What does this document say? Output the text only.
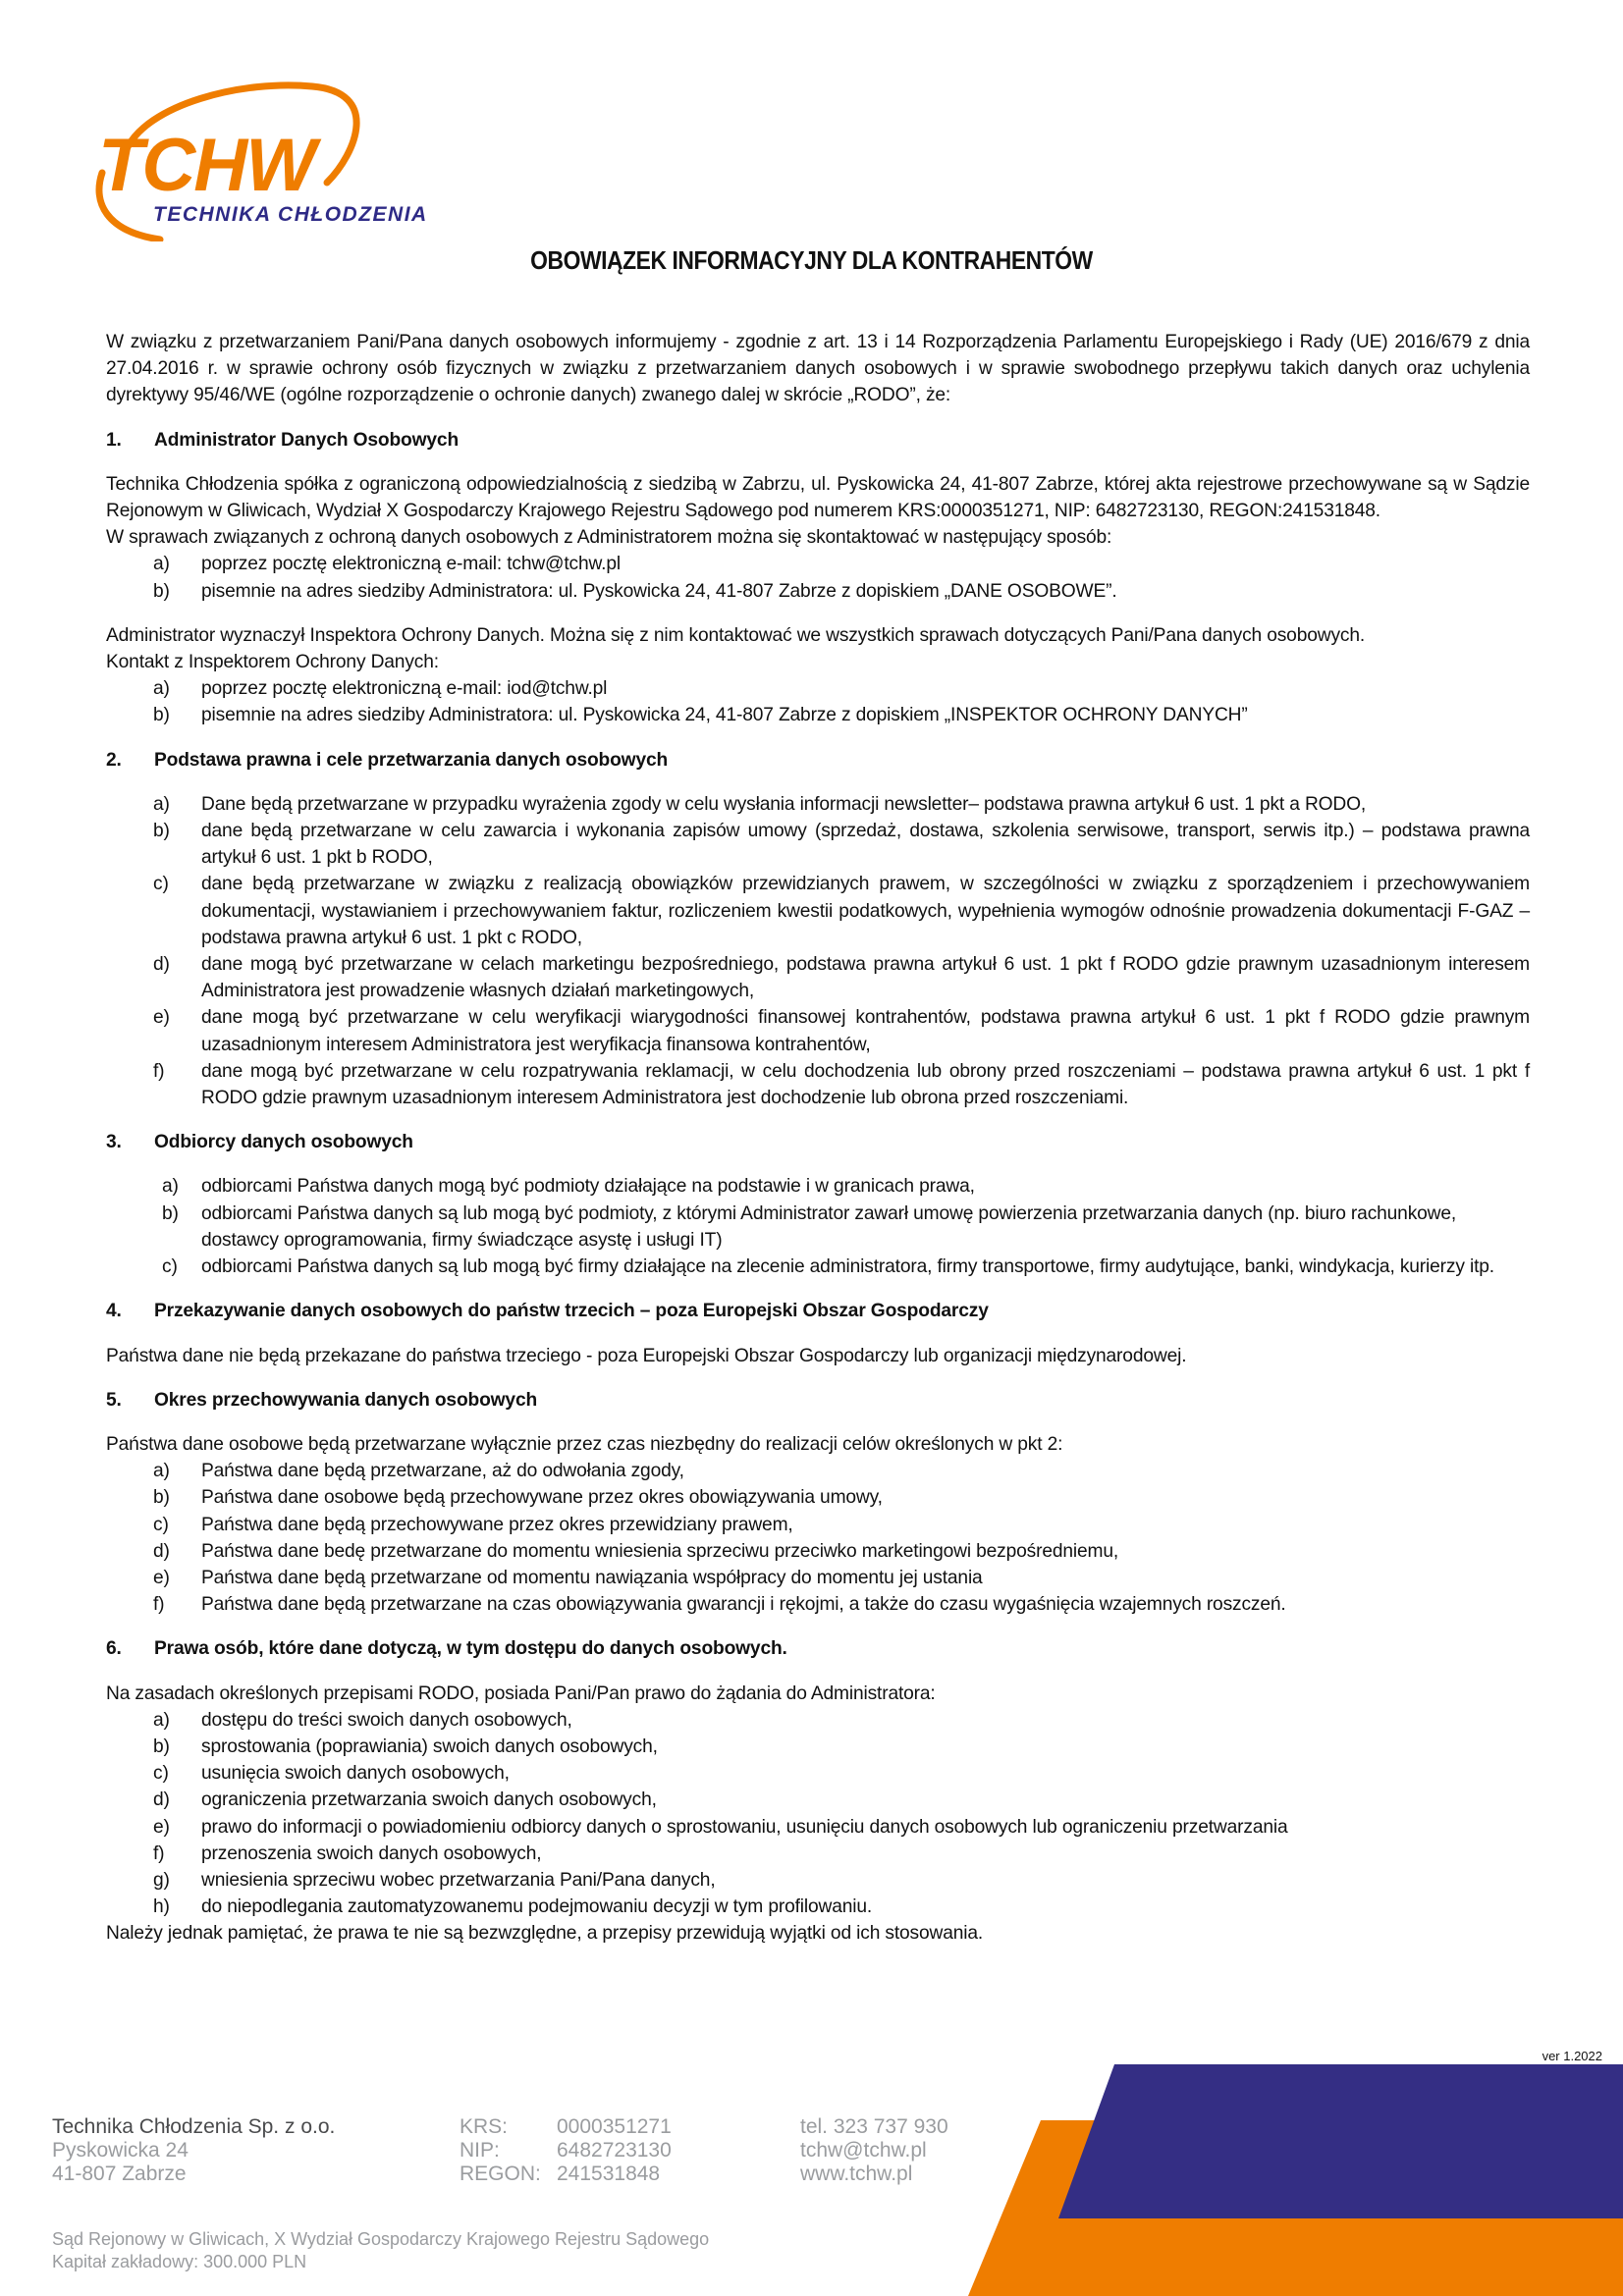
TCHW
TECHNIKA CHŁODZENIA
OBOWIĄZEK INFORMACYJNY DLA KONTRAHENTÓW

W związku z przetwarzaniem Pani/Pana danych osobowych informujemy - zgodnie z art. 13 i 14 Rozporządzenia Parlamentu Europejskiego i Rady (UE) 2016/679 z dnia 27.04.2016 r. w sprawie ochrony osób fizycznych w związku z przetwarzaniem danych osobowych i w sprawie swobodnego przepływu takich danych oraz uchylenia dyrektywy 95/46/WE (ogólne rozporządzenie o ochronie danych) zwanego dalej w skrócie „RODO”, że:

1.	Administrator Danych Osobowych

Technika Chłodzenia spółka z ograniczoną odpowiedzialnością z siedzibą w Zabrzu, ul. Pyskowicka 24, 41-807 Zabrze, której akta rejestrowe przechowywane są w Sądzie Rejonowym w Gliwicach, Wydział X Gospodarczy Krajowego Rejestru Sądowego pod numerem KRS:0000351271, NIP: 6482723130, REGON:241531848.

W sprawach związanych z ochroną danych osobowych z Administratorem można się skontaktować w następujący sposób:

a)	poprzez pocztę elektroniczną e-mail: tchw@tchw.pl
b)	pisemnie na adres siedziby Administratora: ul. Pyskowicka 24, 41-807 Zabrze z dopiskiem „DANE OSOBOWE”.

Administrator wyznaczył Inspektora Ochrony Danych. Można się z nim kontaktować we wszystkich sprawach dotyczących Pani/Pana danych osobowych.

Kontakt z Inspektorem Ochrony Danych:

a)	poprzez pocztę elektroniczną e-mail: iod@tchw.pl
b)	pisemnie na adres siedziby Administratora: ul. Pyskowicka 24, 41-807 Zabrze z dopiskiem „INSPEKTOR OCHRONY DANYCH”
2.	Podstawa prawna i cele przetwarzania danych osobowych
a)	Dane będą przetwarzane w przypadku wyrażenia zgody w celu wysłania informacji newsletter– podstawa prawna artykuł 6 ust. 1 pkt a RODO,
b)	dane będą przetwarzane w celu zawarcia i wykonania zapisów umowy (sprzedaż, dostawa, szkolenia serwisowe, transport, serwis itp.) – podstawa prawna artykuł 6 ust. 1 pkt b RODO,
c)	dane będą przetwarzane w związku z realizacją obowiązków przewidzianych prawem, w szczególności w związku z sporządzeniem i przechowywaniem dokumentacji, wystawianiem i przechowywaniem faktur, rozliczeniem kwestii podatkowych, wypełnienia wymogów odnośnie prowadzenia dokumentacji F-GAZ – podstawa prawna artykuł 6 ust. 1 pkt c RODO,
d)	dane mogą być przetwarzane w celach marketingu bezpośredniego, podstawa prawna artykuł 6 ust. 1 pkt f RODO gdzie prawnym uzasadnionym interesem Administratora jest prowadzenie własnych działań marketingowych,
e)	dane mogą być przetwarzane w celu weryfikacji wiarygodności finansowej kontrahentów, podstawa prawna artykuł 6 ust. 1 pkt f RODO gdzie prawnym uzasadnionym interesem Administratora jest weryfikacja finansowa kontrahentów,
f)	dane mogą być przetwarzane w celu rozpatrywania reklamacji, w celu dochodzenia lub obrony przed roszczeniami – podstawa prawna artykuł 6 ust. 1 pkt f RODO gdzie prawnym uzasadnionym interesem Administratora jest dochodzenie lub obrona przed roszczeniami.
3.	Odbiorcy danych osobowych
a)	odbiorcami Państwa danych mogą być podmioty działające na podstawie i w granicach prawa,
b)	odbiorcami Państwa danych są lub mogą być podmioty, z którymi Administrator zawarł umowę powierzenia przetwarzania danych (np. biuro rachunkowe, dostawcy oprogramowania, firmy świadczące asystę i usługi IT)
c)	odbiorcami Państwa danych są lub mogą być firmy działające na zlecenie administratora, firmy transportowe, firmy audytujące, banki, windykacja, kurierzy itp.
4.	Przekazywanie danych osobowych do państw trzecich – poza Europejski Obszar Gospodarczy

Państwa dane nie będą przekazane do państwa trzeciego - poza Europejski Obszar Gospodarczy lub organizacji międzynarodowej.

5.	Okres przechowywania danych osobowych

Państwa dane osobowe będą przetwarzane wyłącznie przez czas niezbędny do realizacji celów określonych w pkt 2:

a)	Państwa dane będą przetwarzane, aż do odwołania zgody,
b)	Państwa dane osobowe będą przechowywane przez okres obowiązywania umowy,
c)	Państwa dane będą przechowywane przez okres przewidziany prawem,
d)	Państwa dane bedę przetwarzane do momentu wniesienia sprzeciwu przeciwko marketingowi bezpośredniemu,
e)	Państwa dane będą przetwarzane od momentu nawiązania współpracy do momentu jej ustania
f)	Państwa dane będą przetwarzane na czas obowiązywania gwarancji i rękojmi, a także do czasu wygaśnięcia wzajemnych roszczeń.
6.	Prawa osób, które dane dotyczą, w tym dostępu do danych osobowych.

Na zasadach określonych przepisami RODO, posiada Pani/Pan prawo do żądania do Administratora:

a)	dostępu do treści swoich danych osobowych,
b)	sprostowania (poprawiania) swoich danych osobowych,
c)	usunięcia swoich danych osobowych,
d)	ograniczenia przetwarzania swoich danych osobowych,
e)	prawo do informacji o powiadomieniu odbiorcy danych o sprostowaniu, usunięciu danych osobowych lub ograniczeniu przetwarzania
f)	przenoszenia swoich danych osobowych,
g)	wniesienia sprzeciwu wobec przetwarzania Pani/Pana danych,
h)	do niepodlegania zautomatyzowanemu podejmowaniu decyzji w tym profilowaniu.

Należy jednak pamiętać, że prawa te nie są bezwzględne, a przepisy przewidują wyjątki od ich stosowania.

ver 1.2022
Technika Chłodzenia Sp. z o.o.
Pyskowicka 24
41-807 Zabrze
KRS:	0000351271
NIP:	6482723130
REGON: 241531848
tel. 323 737 930
tchw@tchw.pl
www.tchw.pl
Sąd Rejonowy w Gliwicach, X Wydział Gospodarczy Krajowego Rejestru Sądowego
Kapitał zakładowy: 300.000 PLN
